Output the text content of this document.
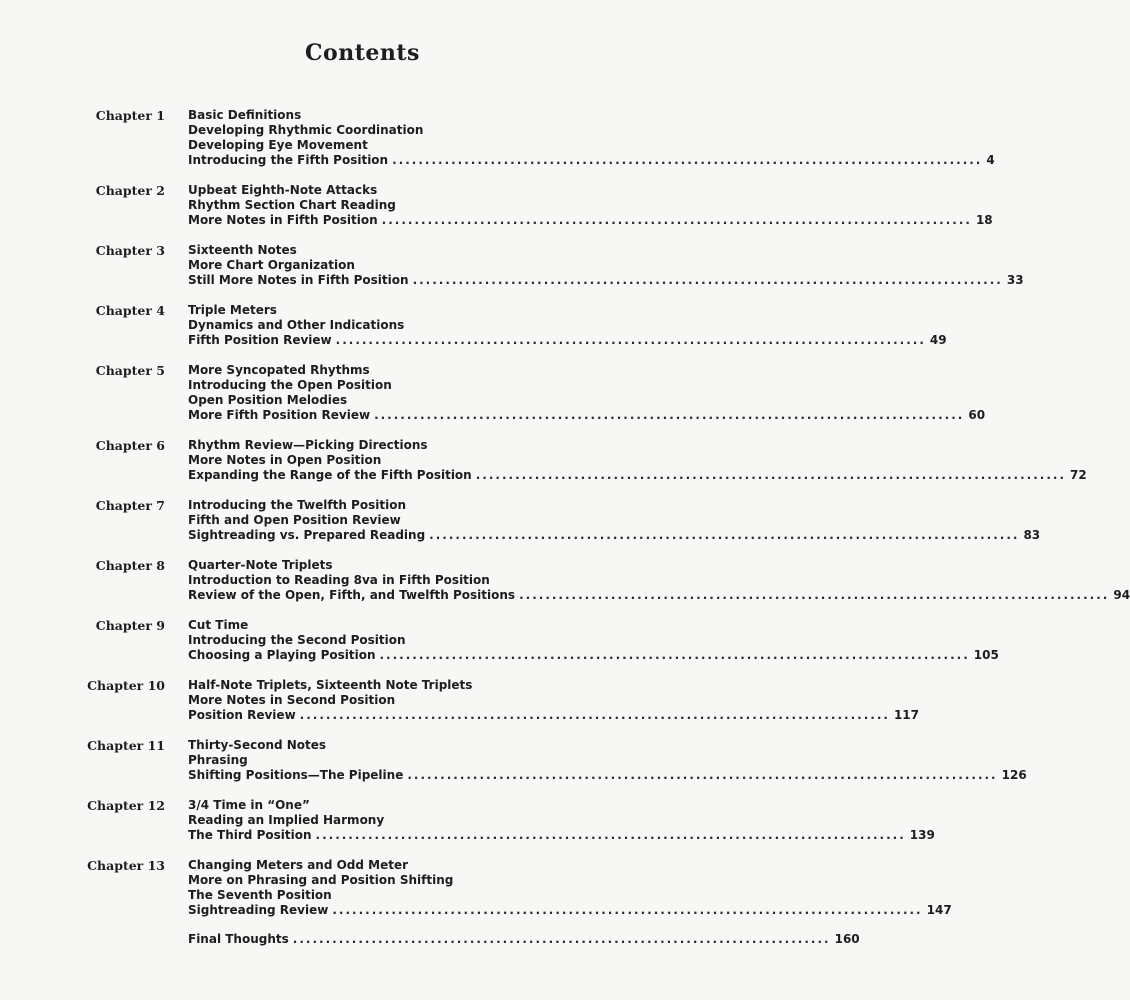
Contents
Chapter 1 Basic Definitions
Developing Rhythmic Coordination
Developing Eye Movement
Introducing the Fifth Position .......................................................................................... 4
Chapter 2 Upbeat Eighth-Note Attacks
Rhythm Section Chart Reading
More Notes in Fifth Position .......................................................................................... 18
Chapter 3 Sixteenth Notes
More Chart Organization
Still More Notes in Fifth Position .......................................................................................... 33
Chapter 4 Triple Meters
Dynamics and Other Indications
Fifth Position Review .......................................................................................... 49
Chapter 5 More Syncopated Rhythms
Introducing the Open Position
Open Position Melodies
More Fifth Position Review .......................................................................................... 60
Chapter 6 Rhythm Review—Picking Directions
More Notes in Open Position
Expanding the Range of the Fifth Position .......................................................................................... 72
Chapter 7 Introducing the Twelfth Position
Fifth and Open Position Review
Sightreading vs. Prepared Reading .......................................................................................... 83
Chapter 8 Quarter-Note Triplets
Introduction to Reading 8va in Fifth Position
Review of the Open, Fifth, and Twelfth Positions .......................................................................................... 94
Chapter 9 Cut Time
Introducing the Second Position
Choosing a Playing Position .......................................................................................... 105
Chapter 10 Half-Note Triplets, Sixteenth Note Triplets
More Notes in Second Position
Position Review .......................................................................................... 117
Chapter 11 Thirty-Second Notes
Phrasing
Shifting Positions—The Pipeline .......................................................................................... 126
Chapter 12 3/4 Time in “One”
Reading an Implied Harmony
The Third Position .......................................................................................... 139
Chapter 13 Changing Meters and Odd Meter
More on Phrasing and Position Shifting
The Seventh Position
Sightreading Review .......................................................................................... 147
Final Thoughts .................................................................................. 160
